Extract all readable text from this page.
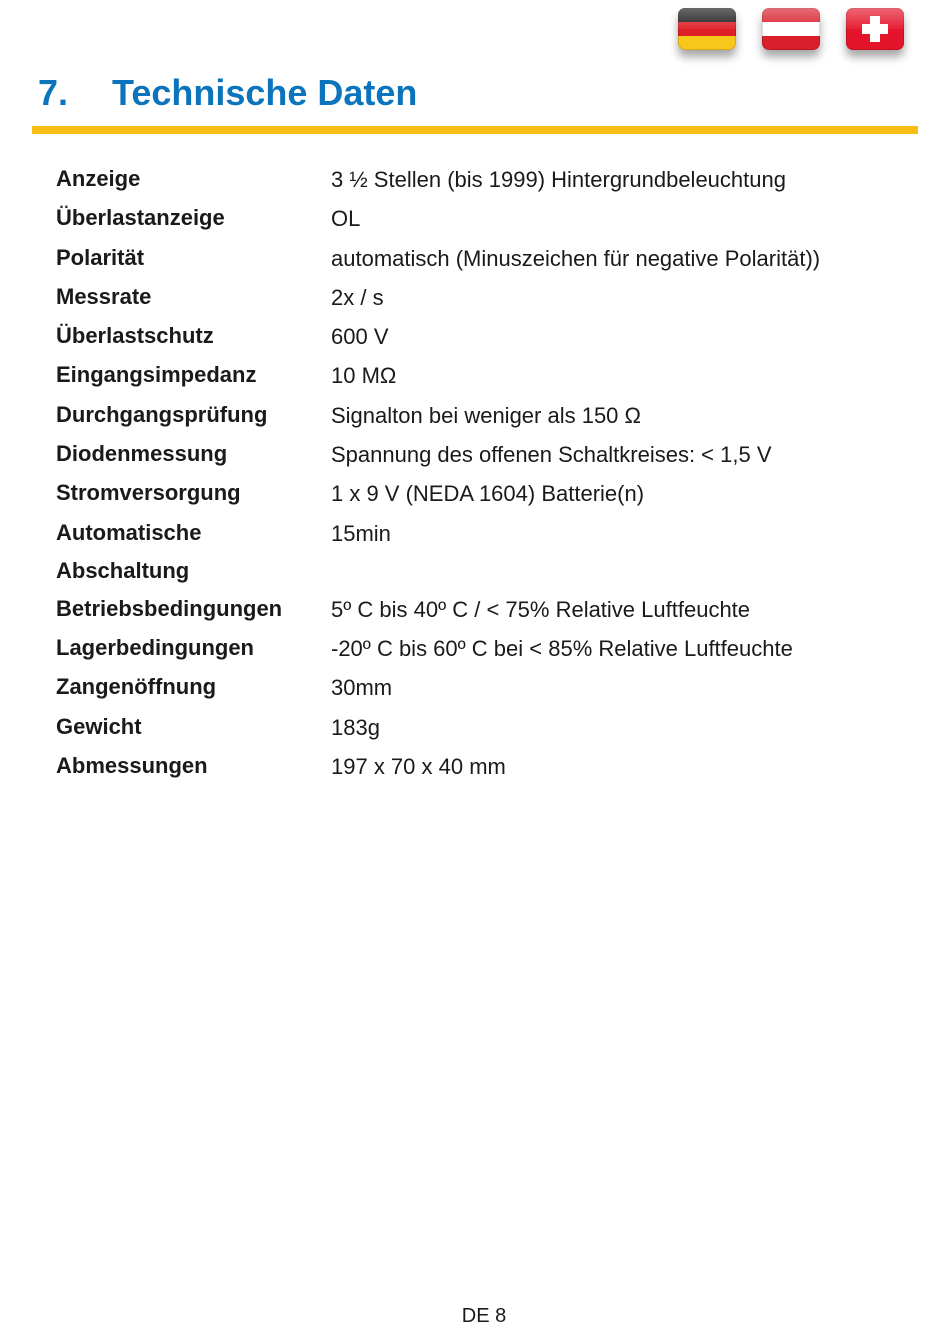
7.	Technische Daten
Anzeige	3 ½ Stellen (bis 1999) Hintergrundbeleuchtung
Überlastanzeige	OL
Polarität	automatisch (Minuszeichen für negative Polarität))
Messrate	2x / s
Überlastschutz	600 V
Eingangsimpedanz	10 MΩ
Durchgangsprüfung	Signalton bei weniger als 150 Ω
Diodenmessung	Spannung des offenen Schaltkreises: < 1,5 V
Stromversorgung	1 x 9 V (NEDA 1604) Batterie(n)
Automatische Abschaltung	15min
Betriebsbedingungen	5º C bis 40º C / < 75% Relative Luftfeuchte
Lagerbedingungen	-20º C bis 60º C bei < 85% Relative Luftfeuchte
Zangenöffnung	30mm
Gewicht	183g
Abmessungen	197 x 70 x 40 mm
DE 8
